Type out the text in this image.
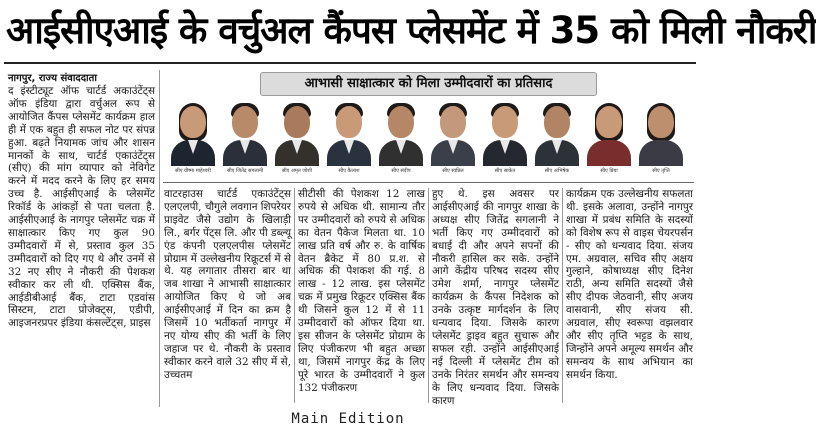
आईसीएआई के वर्चुअल कैंपस प्लेसमेंट में 35 को मिली नौकरी
नागपुर, राज्य संवाददाता
द इंस्टीट्यूट ऑफ चार्टर्ड अकाउंटेंट्स ऑफ इंडिया द्वारा वर्चुअल रूप से आयोजित कैंपस प्लेसमेंट कार्यक्रम हाल ही में एक बहुत ही सफल नोट पर संपन्न हुआ. बढ़ते नियामक जांच और शासन मानकों के साथ, चार्टर्ड एकाउंटेंट्स (सीए) की मांग व्यापार को नेविगेट करने में मदद करने के लिए हर समय उच्च है. आईसीएआई के प्लेसमेंट रिकॉर्ड के आंकड़ों से पता चलता है. आईसीएआई के नागपुर प्लेसमेंट चक्र में साक्षात्कार किए गए कुल 90 उम्मीदवारों में से, प्रस्ताव कुल 35 उम्मीदवारों को दिए गए थे और उनमें से 32 नए सीए ने नौकरी की पेशकश स्वीकार कर ली थी. एक्सिस बैंक, आईडीबीआई बैंक, टाटा एडवांस सिस्टम, टाटा प्रोजेक्ट्स, एडीपी, आइजनरप्रपर इंडिया कंसल्टेंट्स, प्राइस
आभासी साक्षात्कार को मिला उम्मीदवारों का प्रतिसाद
सीए ग्रीष्मा माहेश्वरी	सीए जितेंद्र सगलानी	सीए अमृत जोशी	सीए कैलाश	सीए संदीप	सीए स्वप्निल	सीए साकेत	सीए अभिषेक	सीए प्रिया	सीए तृप्ति
वाटरहाउस चार्टर्ड एकाउंटेंट्स एलएलपी, चौगुले लवगान शिपरेयर प्राइवेट जैसे उद्योग के खिलाड़ी लि., बर्गर पेंट्स लि. और पी डब्ल्यू एंड कंपनी एलएलपीस प्लेसमेंट प्रोग्राम में उल्लेखनीय रिक्रूटर्स में से थे. यह लगातार तीसरा बार था जब शाखा ने आभासी साक्षात्कार आयोजित किए थे जो अब आईसीएआई में दिन का क्रम है जिसमें 10 भर्तीकर्ता नागपुर में नए योग्य सीए की भर्ती के लिए जहाज पर थे. नौकरी के प्रस्ताव स्वीकार करने वाले 32 सीए में से, उच्चतम
सीटीसी की पेशकश 12 लाख रुपये से अधिक थी. सामान्य तौर पर उम्मीदवारों को रुपये से अधिक का वेतन पैकेज मिलता था. 10 लाख प्रति वर्ष और रु. के वार्षिक वेतन ब्रैकेट में 80 प्र.श. से अधिक की पेशकश की गई. 8 लाख - 12 लाख. इस प्लेसमेंट चक्र में प्रमुख रिक्रूटर एक्सिस बैंक थी जिसने कुल 12 में से 11 उम्मीदवारों को ऑफर दिया था. इस सीजन के प्लेसमेंट प्रोग्राम के लिए पंजीकरण भी बहुत अच्छा था, जिसमें नागपुर केंद्र के लिए पूरे भारत के उम्मीदवारों ने कुल 132 पंजीकरण
हुए थे. इस अवसर पर आईसीएआई की नागपुर शाखा के अध्यक्ष सीए जितेंद्र सगलानी ने भर्ती किए गए उम्मीदवारों को बधाई दी और अपने सपनों की नौकरी हासिल कर सके. उन्होंने आगे केंद्रीय परिषद सदस्य सीए उमेश शर्मा, नागपुर प्लेसमेंट कार्यक्रम के कैंपस निदेशक को उनके उत्कृष्ट मार्गदर्शन के लिए धन्यवाद दिया. जिसके कारण प्लेसमेंट ड्राइव बहुत सुचारू और सफल रही. उन्होंने आईसीएआई नई दिल्ली में प्लेसमेंट टीम को उनके निरंतर समर्थन और समन्वय के लिए धन्यवाद दिया. जिसके कारण
कार्यक्रम एक उल्लेखनीय सफलता थी. इसके अलावा, उन्होंने नागपुर शाखा में प्रबंध समिति के सदस्यों को विशेष रूप से वाइस चेयरपर्सन - सीए को धन्यवाद दिया. संजय एम. अग्रवाल, सचिव सीए अक्षय गुल्हाने, कोषाध्यक्ष सीए दिनेश राठी, अन्य समिति सदस्यों जैसे सीए दीपक जेठवानी, सीए अजय वासवानी, सीए संजय सी. अग्रवाल, सीए स्वरूपा वझलवार और सीए तृप्ति भट्टड के साथ, जिन्होंने अपने अमूल्य समर्थन और समन्वय के साथ अभियान का समर्थन किया.
Main Edition
